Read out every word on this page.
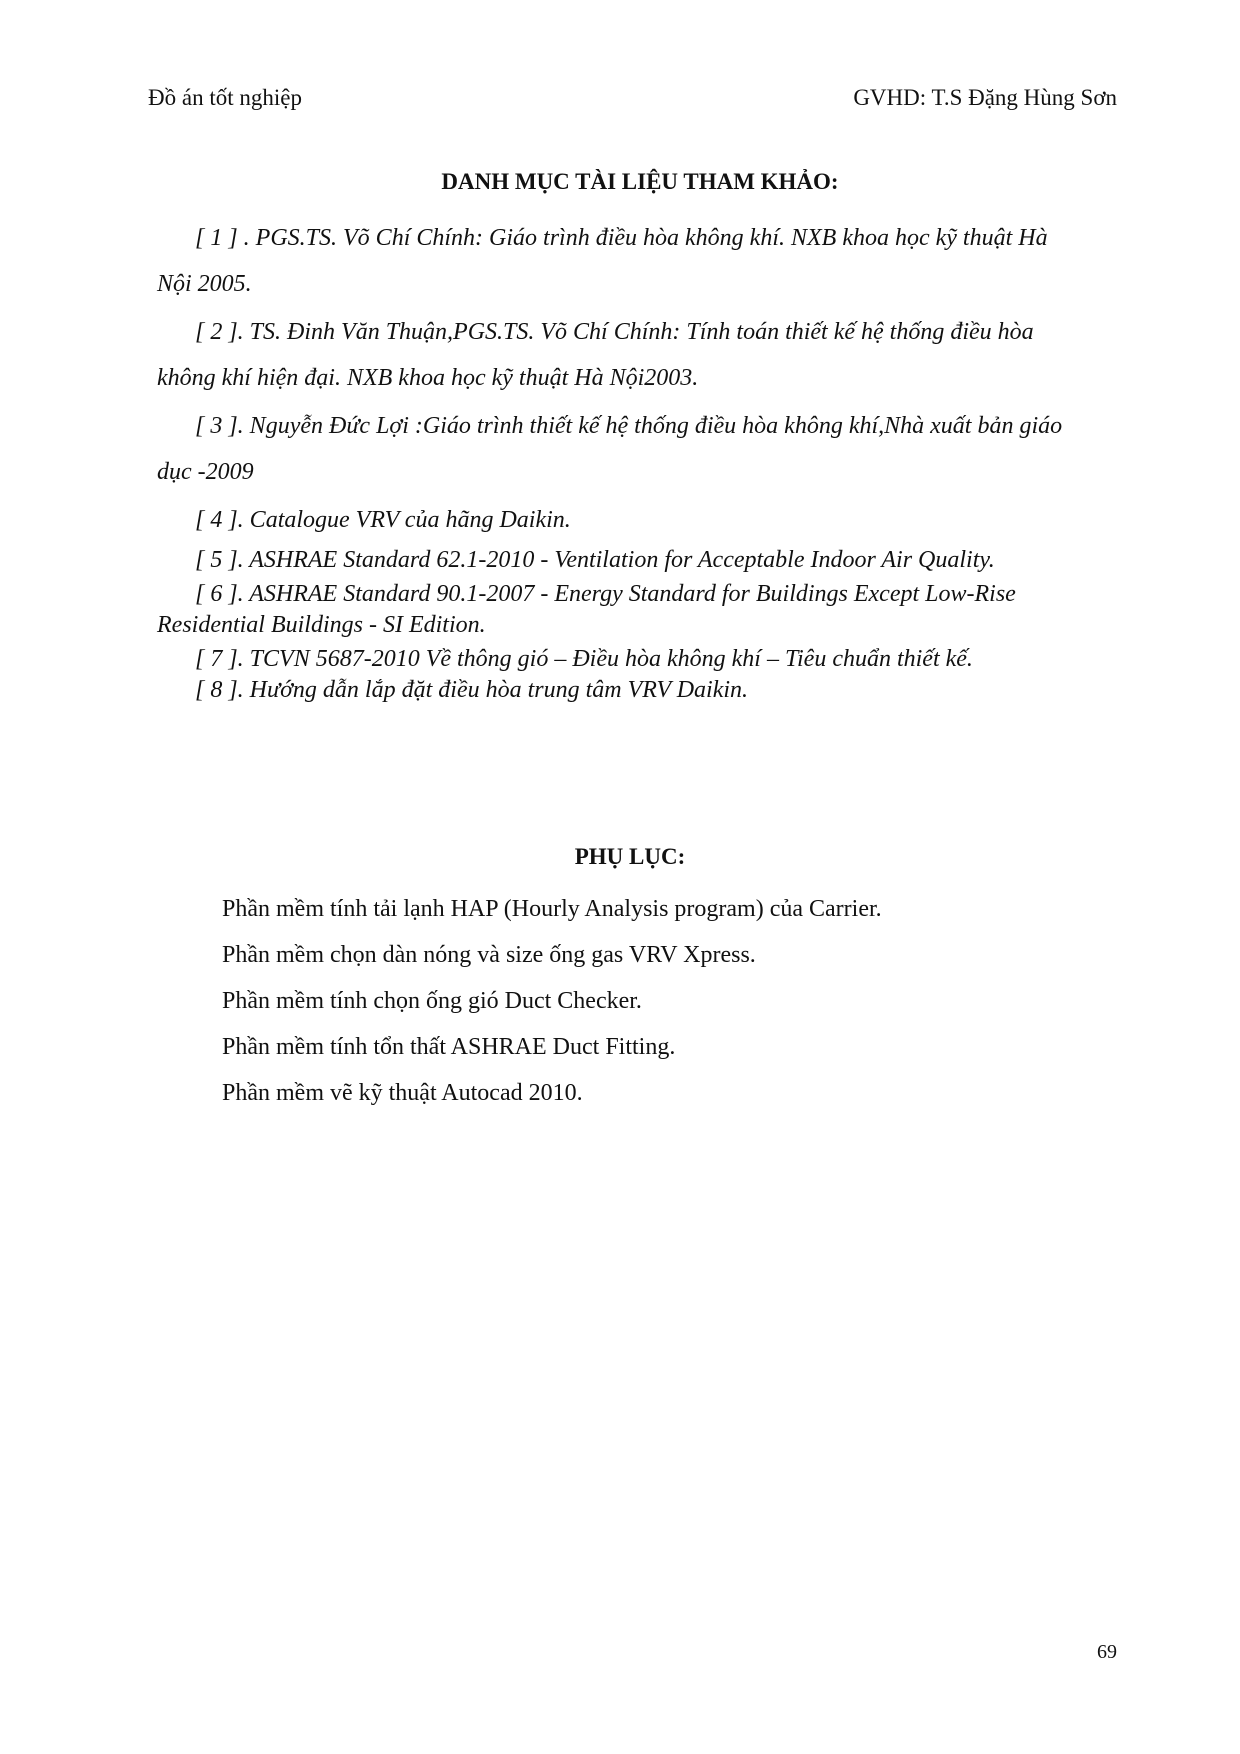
Đồ án tốt nghiệp	GVHD: T.S Đặng Hùng Sơn
DANH MỤC TÀI LIỆU THAM KHẢO:

[ 1 ] . PGS.TS. Võ Chí Chính: Giáo trình điều hòa không khí. NXB khoa học kỹ thuật Hà Nội 2005.

[ 2 ]. TS. Đinh Văn Thuận,PGS.TS. Võ Chí Chính: Tính toán thiết kế hệ thống điều hòa không khí hiện đại. NXB khoa học kỹ thuật Hà Nội2003.

[ 3 ]. Nguyễn Đức Lợi :Giáo trình thiết kế hệ thống điều hòa không khí,Nhà xuất bản giáo dục -2009

[ 4 ]. Catalogue VRV của hãng Daikin.

[ 5 ]. ASHRAE Standard 62.1-2010 - Ventilation for Acceptable Indoor Air Quality.

[ 6 ]. ASHRAE Standard 90.1-2007 - Energy Standard for Buildings Except Low-Rise Residential Buildings - SI Edition.

[ 7 ]. TCVN 5687-2010 Về thông gió – Điều hòa không khí – Tiêu chuẩn thiết kế.

[ 8 ]. Hướng dẫn lắp đặt điều hòa trung tâm VRV Daikin.

PHỤ LỤC:

Phần mềm tính tải lạnh HAP (Hourly Analysis program) của Carrier.

Phần mềm chọn dàn nóng và size ống gas VRV Xpress.

Phần mềm tính chọn ống gió Duct Checker.

Phần mềm tính tổn thất ASHRAE Duct Fitting.

Phần mềm vẽ kỹ thuật Autocad 2010.

69
